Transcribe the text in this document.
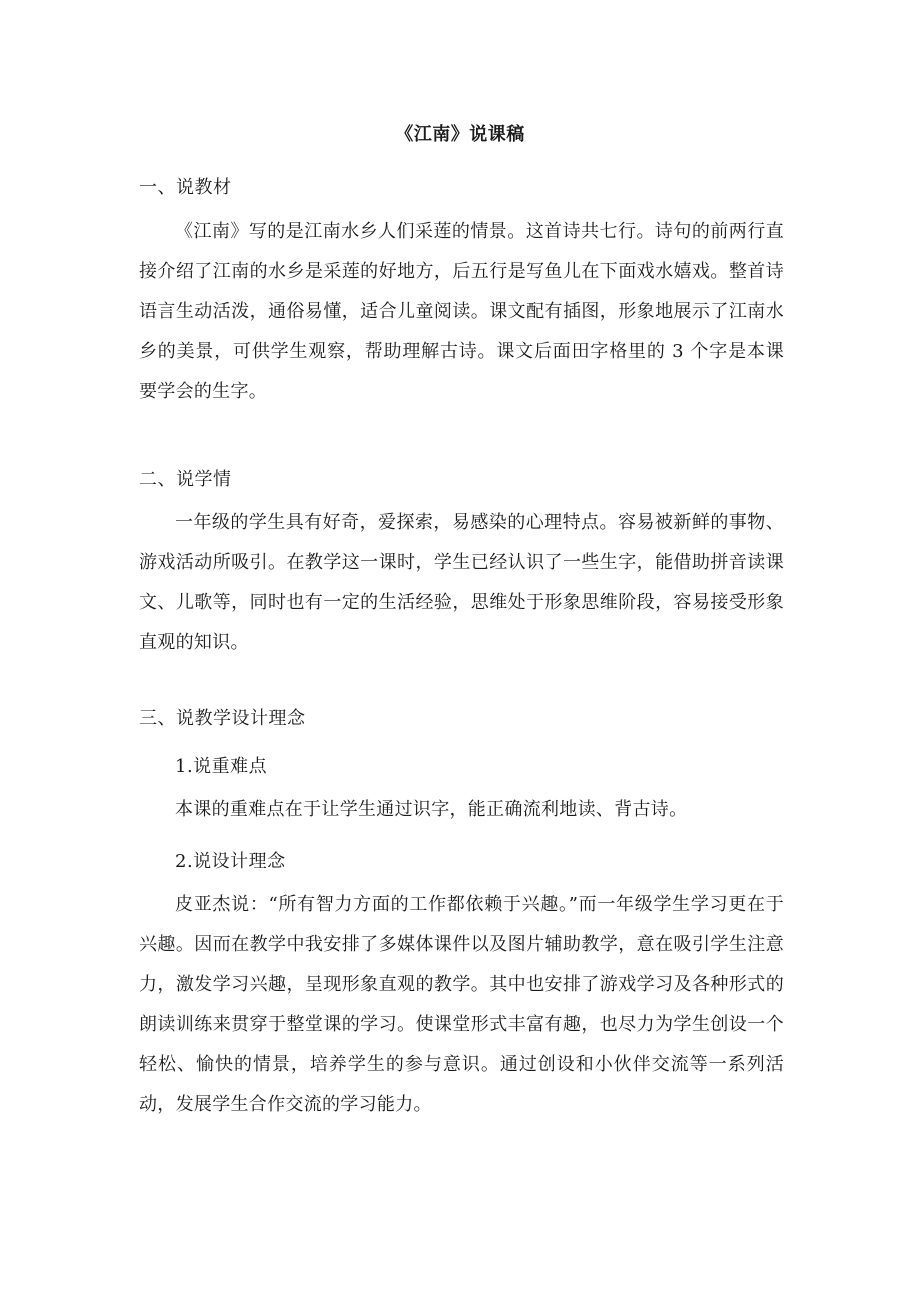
《江南》说课稿
一、说教材

《江南》写的是江南水乡人们采莲的情景。这首诗共七行。诗句的前两行直接介绍了江南的水乡是采莲的好地方，后五行是写鱼儿在下面戏水嬉戏。整首诗语言生动活泼，通俗易懂，适合儿童阅读。课文配有插图，形象地展示了江南水乡的美景，可供学生观察，帮助理解古诗。课文后面田字格里的 3 个字是本课要学会的生字。

二、说学情

一年级的学生具有好奇，爱探索，易感染的心理特点。容易被新鲜的事物、游戏活动所吸引。在教学这一课时，学生已经认识了一些生字，能借助拼音读课文、儿歌等，同时也有一定的生活经验，思维处于形象思维阶段，容易接受形象直观的知识。

三、说教学设计理念
1.说重难点

本课的重难点在于让学生通过识字，能正确流利地读、背古诗。

2.说设计理念

皮亚杰说：“所有智力方面的工作都依赖于兴趣。”而一年级学生学习更在于兴趣。因而在教学中我安排了多媒体课件以及图片辅助教学，意在吸引学生注意力，激发学习兴趣，呈现形象直观的教学。其中也安排了游戏学习及各种形式的朗读训练来贯穿于整堂课的学习。使课堂形式丰富有趣，也尽力为学生创设一个轻松、愉快的情景，培养学生的参与意识。通过创设和小伙伴交流等一系列活动，发展学生合作交流的学习能力。
